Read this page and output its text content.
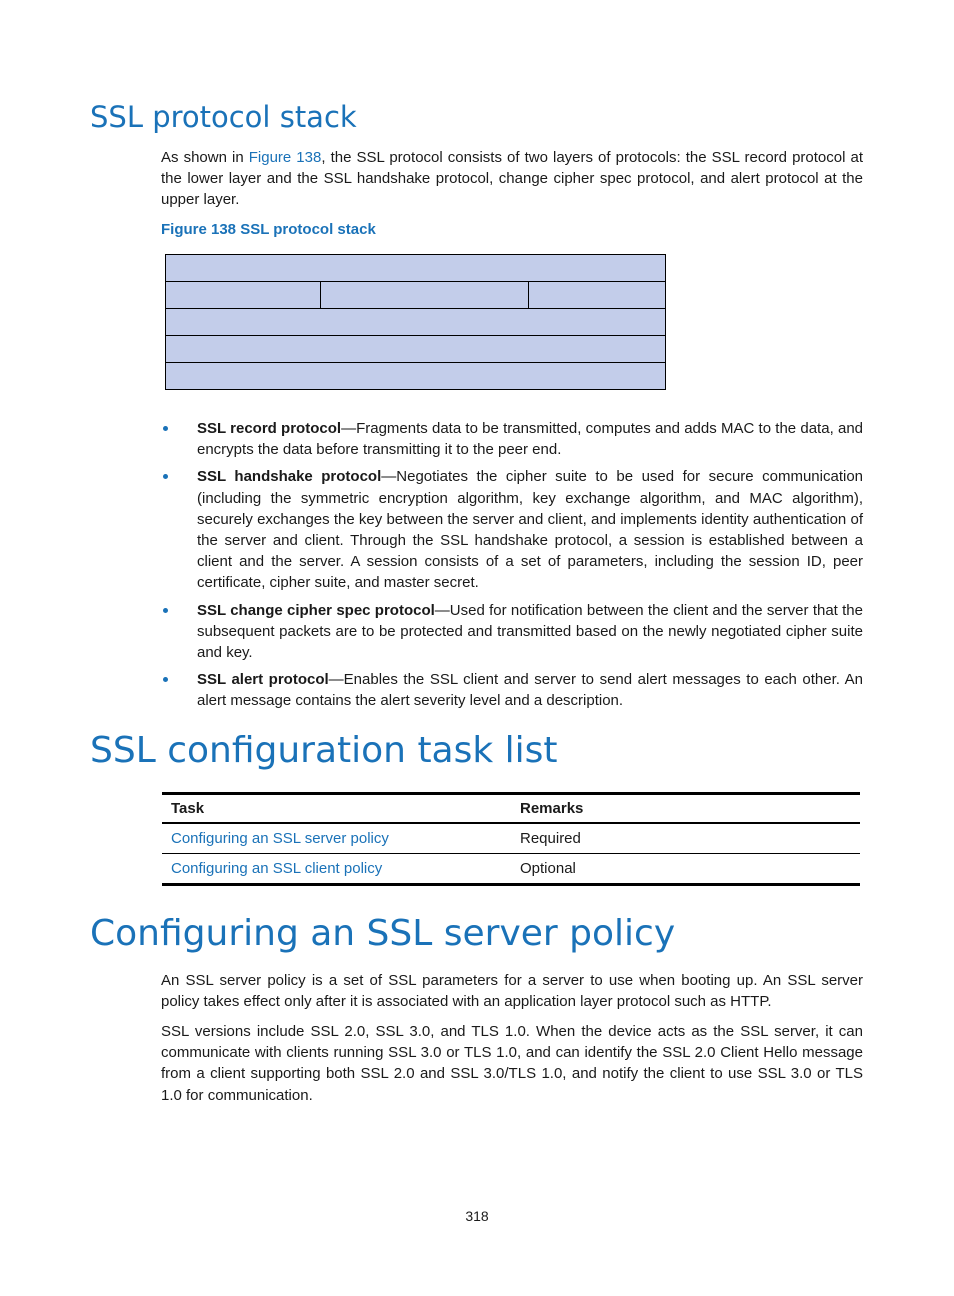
SSL protocol stack

As shown in Figure 138, the SSL protocol consists of two layers of protocols: the SSL record protocol at the lower layer and the SSL handshake protocol, change cipher spec protocol, and alert protocol at the upper layer.

Figure 138 SSL protocol stack

SSL record protocol—Fragments data to be transmitted, computes and adds MAC to the data, and encrypts the data before transmitting it to the peer end.
SSL handshake protocol—Negotiates the cipher suite to be used for secure communication (including the symmetric encryption algorithm, key exchange algorithm, and MAC algorithm), securely exchanges the key between the server and client, and implements identity authentication of the server and client. Through the SSL handshake protocol, a session is established between a client and the server. A session consists of a set of parameters, including the session ID, peer certificate, cipher suite, and master secret.
SSL change cipher spec protocol—Used for notification between the client and the server that the subsequent packets are to be protected and transmitted based on the newly negotiated cipher suite and key.
SSL alert protocol—Enables the SSL client and server to send alert messages to each other. An alert message contains the alert severity level and a description.
SSL configuration task list
Task	Remarks
Configuring an SSL server policy	Required
Configuring an SSL client policy	Optional
Configuring an SSL server policy

An SSL server policy is a set of SSL parameters for a server to use when booting up. An SSL server policy takes effect only after it is associated with an application layer protocol such as HTTP.

SSL versions include SSL 2.0, SSL 3.0, and TLS 1.0. When the device acts as the SSL server, it can communicate with clients running SSL 3.0 or TLS 1.0, and can identify the SSL 2.0 Client Hello message from a client supporting both SSL 2.0 and SSL 3.0/TLS 1.0, and notify the client to use SSL 3.0 or TLS 1.0 for communication.

318
